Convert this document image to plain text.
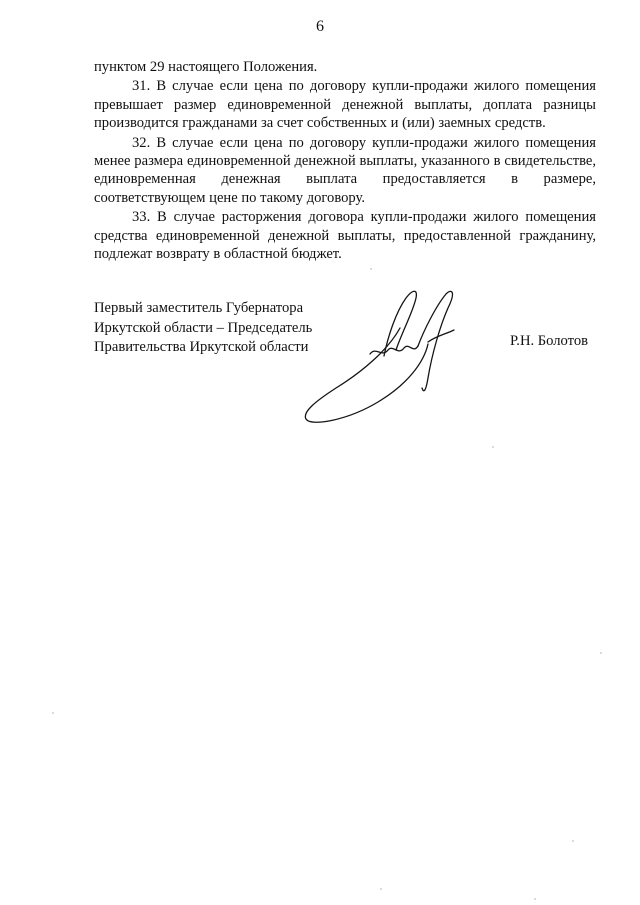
6

пунктом 29 настоящего Положения.

31. В случае если цена по договору купли-продажи жилого помещения превышает размер единовременной денежной выплаты, доплата разницы производится гражданами за счет собственных и (или) заемных средств.

32. В случае если цена по договору купли-продажи жилого помещения менее размера единовременной денежной выплаты, указанного в свидетельстве, единовременная денежная выплата предоставляется в размере, соответствующем цене по такому договору.

33. В случае расторжения договора купли-продажи жилого помещения средства единовременной денежной выплаты, предоставленной гражданину, подлежат возврату в областной бюджет.

Первый заместитель Губернатора
Иркутской области – Председатель
Правительства Иркутской области	Р.Н. Болотов
